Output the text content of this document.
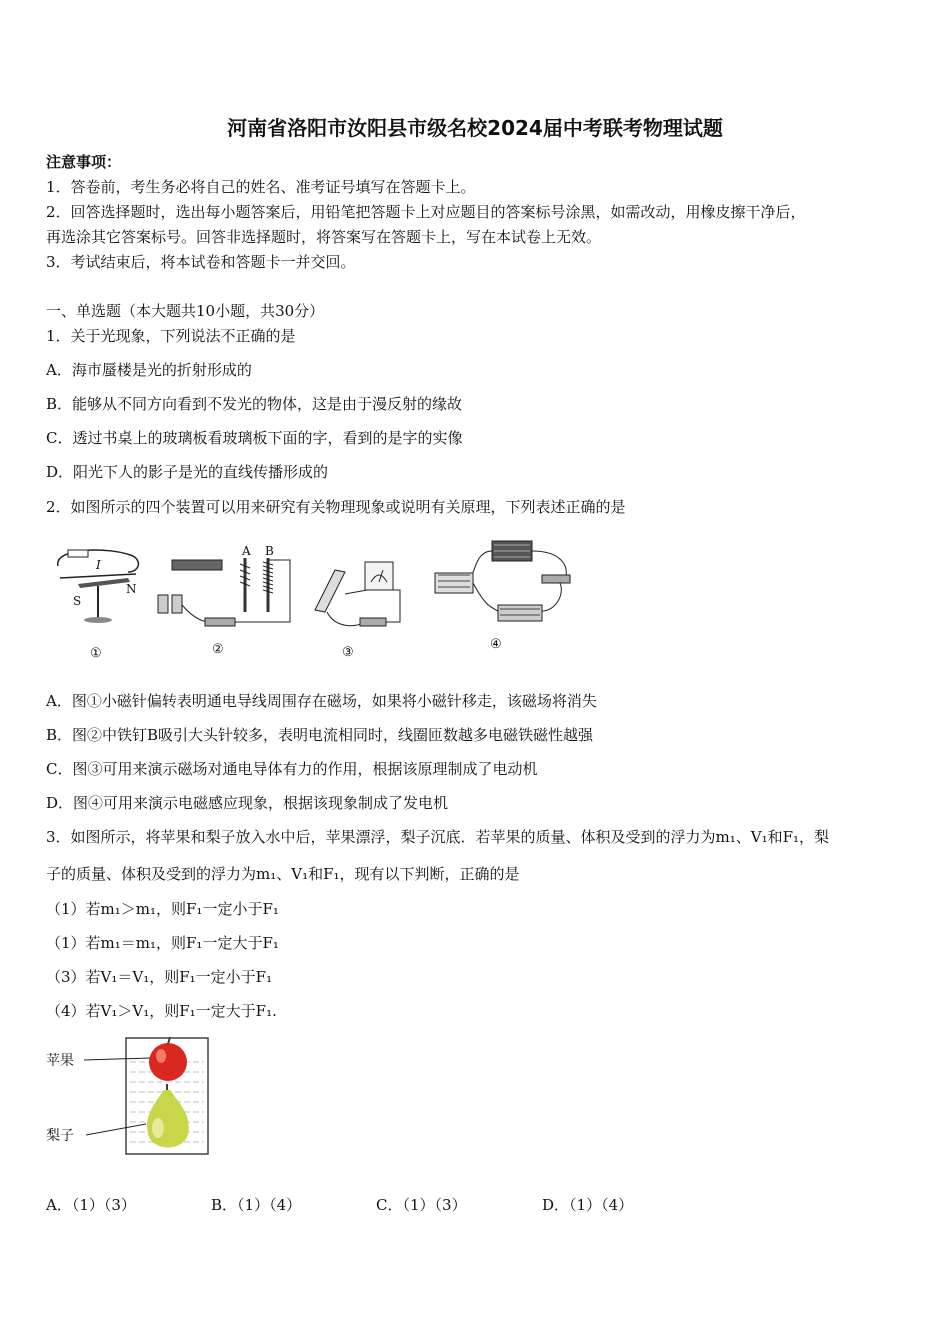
河南省洛阳市汝阳县市级名校2024届中考联考物理试题
注意事项：
1．答卷前，考生务必将自己的姓名、准考证号填写在答题卡上。
2．回答选择题时，选出每小题答案后，用铅笔把答题卡上对应题目的答案标号涂黑，如需改动，用橡皮擦干净后，
再选涂其它答案标号。回答非选择题时，将答案写在答题卡上，写在本试卷上无效。
3．考试结束后，将本试卷和答题卡一并交回。
一、单选题（本大题共10小题，共30分）
1．关于光现象，下列说法不正确的是
A．海市蜃楼是光的折射形成的
B．能够从不同方向看到不发光的物体，这是由于漫反射的缘故
C．透过书桌上的玻璃板看玻璃板下面的字，看到的是字的实像
D．阳光下人的影子是光的直线传播形成的
2．如图所示的四个装置可以用来研究有关物理现象或说明有关原理，下列表述正确的是
S
N
I
A B
①	②	③
④
A．图①小磁针偏转表明通电导线周围存在磁场，如果将小磁针移走，该磁场将消失
B．图②中铁钉B吸引大头针较多，表明电流相同时，线圈匝数越多电磁铁磁性越强
C．图③可用来演示磁场对通电导体有力的作用，根据该原理制成了电动机
D．图④可用来演示电磁感应现象，根据该现象制成了发电机
3．如图所示，将苹果和梨子放入水中后，苹果漂浮，梨子沉底．若苹果的质量、体积及受到的浮力为m₁、V₁和F₁，梨
子的质量、体积及受到的浮力为m₁、V₁和F₁，现有以下判断，正确的是
（1）若m₁＞m₁，则F₁一定小于F₁
（1）若m₁＝m₁，则F₁一定大于F₁
（3）若V₁＝V₁，则F₁一定小于F₁
（4）若V₁＞V₁，则F₁一定大于F₁.
苹果
梨子
A．（1）（3）	B．（1）（4）	C．（1）（3）	D．（1）（4）
